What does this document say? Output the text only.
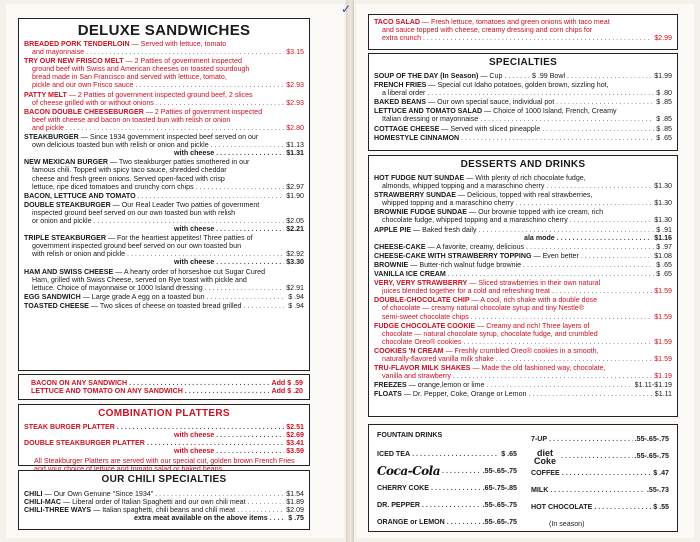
✓
DELUXE SANDWICHES
BREADED PORK TENDERLOIN — Served with lettuce, tomato
and mayonnaise . . .	$3.15
TRY OUR NEW FRISCO MELT — 2 Patties of government inspected
ground beef with Swiss and American cheeses on toasted sourdough
bread made in San Francisco and served with lettuce, tomato,
pickle and our own Frisco sauce . . .	$2.93
PATTY MELT — 2 Patties of government inspected ground beef, 2 slices
of cheese grilled with or without onions . . .	$2.93
BACON DOUBLE CHEESEBURGER — 2 Patties of government inspected
beef with cheese and bacon on toasted bun with relish or onion
and pickle . . .	$2.80
STEAKBURGER — Since 1934 government inspected beef served on our
own delicious toasted bun with relish or onion and pickle . . .	$1.13
with cheese . . .	$1.31
NEW MEXICAN BURGER — Two steakburger patties smothered in our
famous chili. Topped with spicy taco sauce, shredded cheddar
cheese and fresh green onions. Served open-faced with crisp
lettuce, ripe diced tomatoes and crunchy corn chips . . .	$2.97
BACON, LETTUCE AND TOMATO . . .	$1.90
DOUBLE STEAKBURGER — Our Real Leader Two patties of government
inspected ground beef served on our own toasted bun with relish
or onion and pickle . . .	$2.05
with cheese . . .	$2.21
TRIPLE STEAKBURGER — For the heartiest appetites! Three patties of
government inspected ground beef served on our own toasted bun
with relish or onion and pickle . . .	$2.92
with cheese . . .	$3.30
HAM AND SWISS CHEESE — A hearty order of horseshoe cut Sugar Cured
Ham, grilled with Swiss Cheese, served on Rye toast with pickle and
lettuce. Choice of mayonnaise or 1000 Island dressing . . .	$2.91
EGG SANDWICH — Large grade A egg on a toasted bun . . .	$ .94
TOASTED CHEESE — Two slices of cheese on toasted bread grilled . . .	$ .94
BACON ON ANY SANDWICH . . .	Add $ .59
LETTUCE AND TOMATO ON ANY SANDWICH . . .	Add $ .20
COMBINATION PLATTERS
STEAK BURGER PLATTER . . .	$2.51
with cheese . . .	$2.69
DOUBLE STEAKBURGER PLATTER . . .	$3.41
with cheese . . .	$3.59
All Steakburger Platters are served with our special cut, golden brown French Fries
OUR CHILI SPECIALTIES
CHILI — Our Own Genuine "Since 1934" . . .	$1.54
CHILI-MAC — Liberal order of Italian Spaghetti and our own chili meat . . .	$1.89
CHILI-THREE WAYS — Italian spaghetti, chili beans and chili meat . . .	$2.09
extra meat available on the above items . . .	$ .75
TACO SALAD — Fresh lettuce, tomatoes and green onions with taco meat
and sauce topped with cheese, creamy dressing and corn chips for
extra crunch . . .	$2.99
SPECIALTIES
SOUP OF THE DAY (In Season) — Cup . . . . . . . $ .99 Bowl . . .	$1.99
FRENCH FRIES — Special cut Idaho potatoes, golden brown, sizzling hot,
a liberal order . . .	$ .80
BAKED BEANS — Our own special sauce, individual pot . . .	$ .85
LETTUCE AND TOMATO SALAD — Choice of 1000 Island, French, Creamy
Italian dressing or mayonnaise . . .	$ .85
COTTAGE CHEESE — Served with sliced pineapple . . .	$ .85
HOMESTYLE CINNAMON . . .	$ .65
DESSERTS AND DRINKS
HOT FUDGE NUT SUNDAE — With plenty of rich chocolate fudge,
almonds, whipped topping and a maraschino cherry . . .	$1.30
STRAWBERRY SUNDAE — Delicious, topped with real strawberries,
whipped topping and a maraschino cherry . . .	$1.30
BROWNIE FUDGE SUNDAE — Our brownie topped with ice cream, rich
chocolate fudge, whipped topping and a maraschino cherry . . .	$1.30
APPLE PIE — Baked fresh daily . . .	$ .91
ala mode . . .	$1.16
CHEESE-CAKE — A favorite, creamy, delicious . . .	$ .97
CHEESE-CAKE WITH STRAWBERRY TOPPING — Even better . . .	$1.08
BROWNIE — Butter-rich walnut fudge brownie . . .	$ .65
VANILLA ICE CREAM . . .	$ .65
VERY, VERY STRAWBERRY — Sliced strawberries in their own natural
juices blended together for a cold and refreshing treat . . .	$1.59
DOUBLE-CHOCOLATE CHIP — A cool, rich shake with a double dose
of chocolate — creamy natural chocolate syrup and tiny Nestle®
semi-sweet chocolate chips . . .	$1.59
FUDGE CHOCOLATE COOKIE — Creamy and rich! Three layers of
chocolate — natural chocolate syrup, chocolate fudge, and crumbled
chocolate Oreo® cookies . . .	$1.59
COOKIES 'N CREAM — Freshly crumbled Oreo® cookies in a smooth,
naturally-flavored vanilla milk shake . . .	$1.59
TRU-FLAVOR MILK SHAKES — Made the old fashioned way, chocolate,
vanilla and strawberry . . .	$1.19
FREEZES — orange,lemon or lime . . .	$1.11-$1.19
FLOATS — Dr. Pepper, Coke, Orange or Lemon . . .	$1.11
FOUNTAIN DRINKS
ICED TEA . . .	$ .65
Coca-Cola . . .	.55-.65-.75
CHERRY COKE . . .	.65-.75-.85
DR. PEPPER . . .	.55-.65-.75
ORANGE or LEMON . . .	.55-.65-.75
7-UP . . .	.55-.65-.75
diet Coke . . .	.55-.65-.75
COFFEE . . .	$ .47
MILK . . .	.55-.73
HOT CHOCOLATE . . .	$ .55
(In season)
